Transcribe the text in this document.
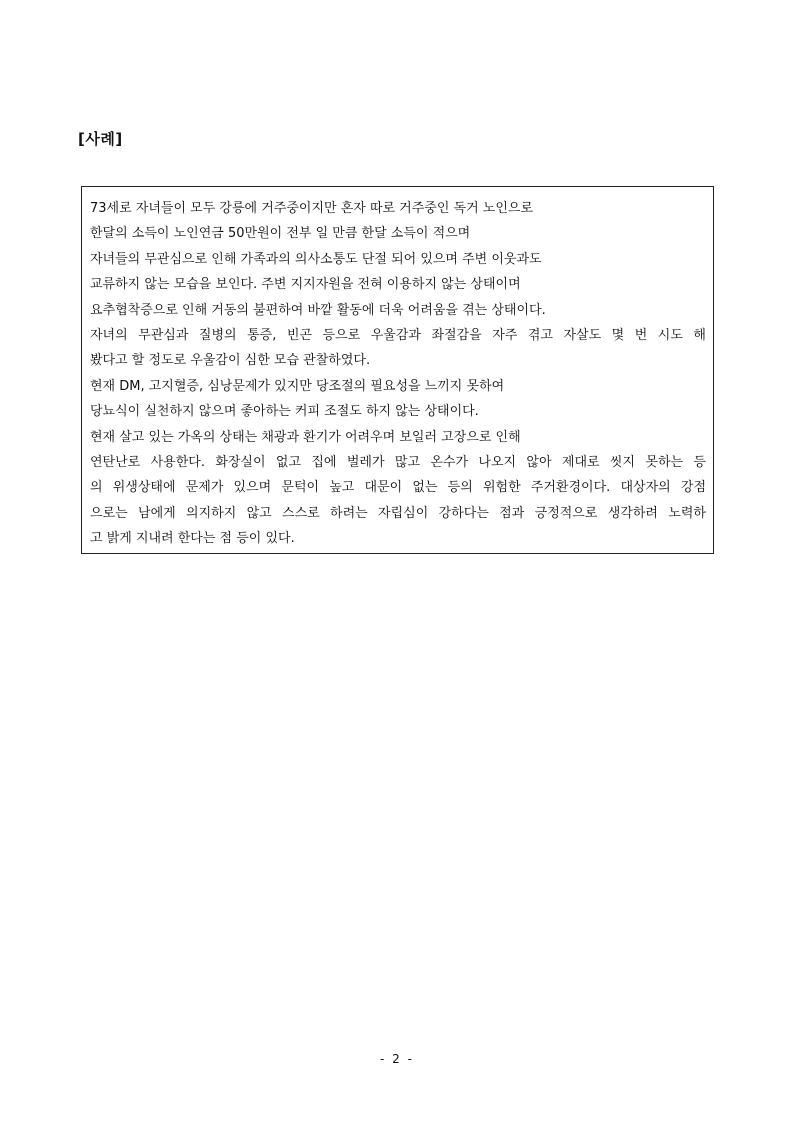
[사례]
73세로 자녀들이 모두 강릉에 거주중이지만 혼자 따로 거주중인 독거 노인으로
한달의 소득이 노인연금 50만원이 전부 일 만큼 한달 소득이 적으며
자녀들의 무관심으로 인해 가족과의 의사소통도 단절 되어 있으며 주변 이웃과도
교류하지 않는 모습을 보인다. 주변 지지자원을 전혀 이용하지 않는 상태이며
요추협착증으로 인해 거동의 불편하여 바깥 활동에 더욱 어려움을 겪는 상태이다.
자녀의 무관심과 질병의 통증, 빈곤 등으로 우울감과 좌절감을 자주 겪고 자살도 몇 번 시도 해
봤다고 할 정도로 우울감이 심한 모습 관찰하였다.
현재 DM, 고지혈증, 심낭문제가 있지만 당조절의 필요성을 느끼지 못하여
당뇨식이 실천하지 않으며 좋아하는 커피 조절도 하지 않는 상태이다.
현재 살고 있는 가옥의 상태는 채광과 환기가 어려우며 보일러 고장으로 인해
연탄난로 사용한다. 화장실이 없고 집에 벌레가 많고 온수가 나오지 않아 제대로 씻지 못하는 등
의 위생상태에 문제가 있으며 문턱이 높고 대문이 없는 등의 위험한 주거환경이다. 대상자의 강점
으로는 남에게 의지하지 않고 스스로 하려는 자립심이 강하다는 점과 긍정적으로 생각하려 노력하
고 밝게 지내려 한다는 점 등이 있다.
- 2 -
